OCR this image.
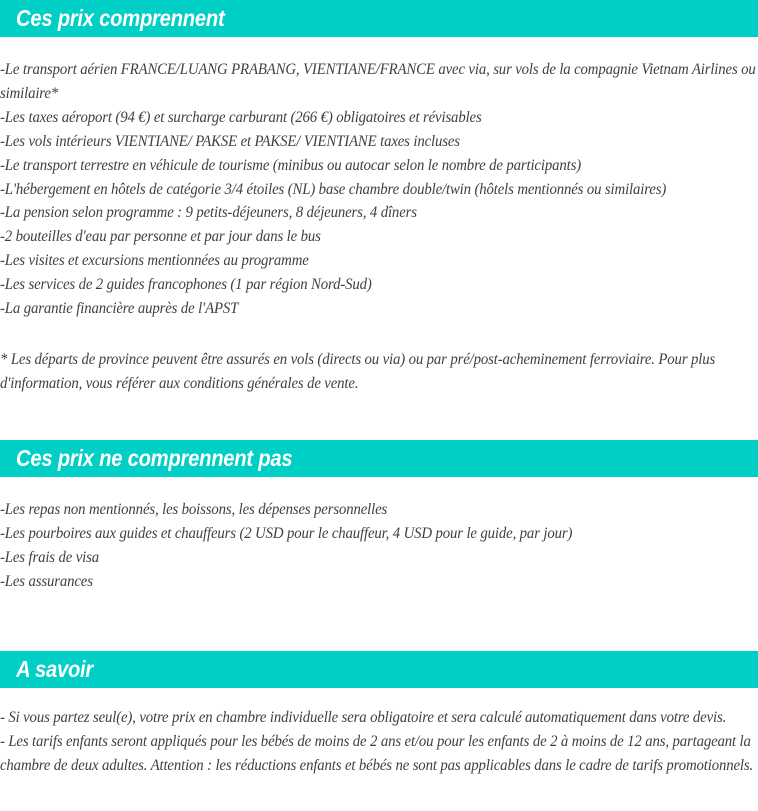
Ces prix comprennent

-Le transport aérien FRANCE/LUANG PRABANG, VIENTIANE/FRANCE avec via, sur vols de la compagnie Vietnam Airlines ou similaire*

-Les taxes aéroport (94 €) et surcharge carburant (266 €) obligatoires et révisables

-Les vols intérieurs VIENTIANE/ PAKSE et PAKSE/ VIENTIANE taxes incluses

-Le transport terrestre en véhicule de tourisme (minibus ou autocar selon le nombre de participants)

-L'hébergement en hôtels de catégorie 3/4 étoiles (NL) base chambre double/twin (hôtels mentionnés ou similaires)

-La pension selon programme : 9 petits-déjeuners, 8 déjeuners, 4 dîners

-2 bouteilles d'eau par personne et par jour dans le bus

-Les visites et excursions mentionnées au programme

-Les services de 2 guides francophones (1 par région Nord-Sud)

-La garantie financière auprès de l'APST

* Les départs de province peuvent être assurés en vols (directs ou via) ou par pré/post-acheminement ferroviaire. Pour plus d'information, vous référer aux conditions générales de vente.

Ces prix ne comprennent pas

-Les repas non mentionnés, les boissons, les dépenses personnelles

-Les pourboires aux guides et chauffeurs (2 USD pour le chauffeur, 4 USD pour le guide, par jour)

-Les frais de visa

-Les assurances

A savoir

- Si vous partez seul(e), votre prix en chambre individuelle sera obligatoire et sera calculé automatiquement dans votre devis.

- Les tarifs enfants seront appliqués pour les bébés de moins de 2 ans et/ou pour les enfants de 2 à moins de 12 ans, partageant la chambre de deux adultes. Attention : les réductions enfants et bébés ne sont pas applicables dans le cadre de tarifs promotionnels.
